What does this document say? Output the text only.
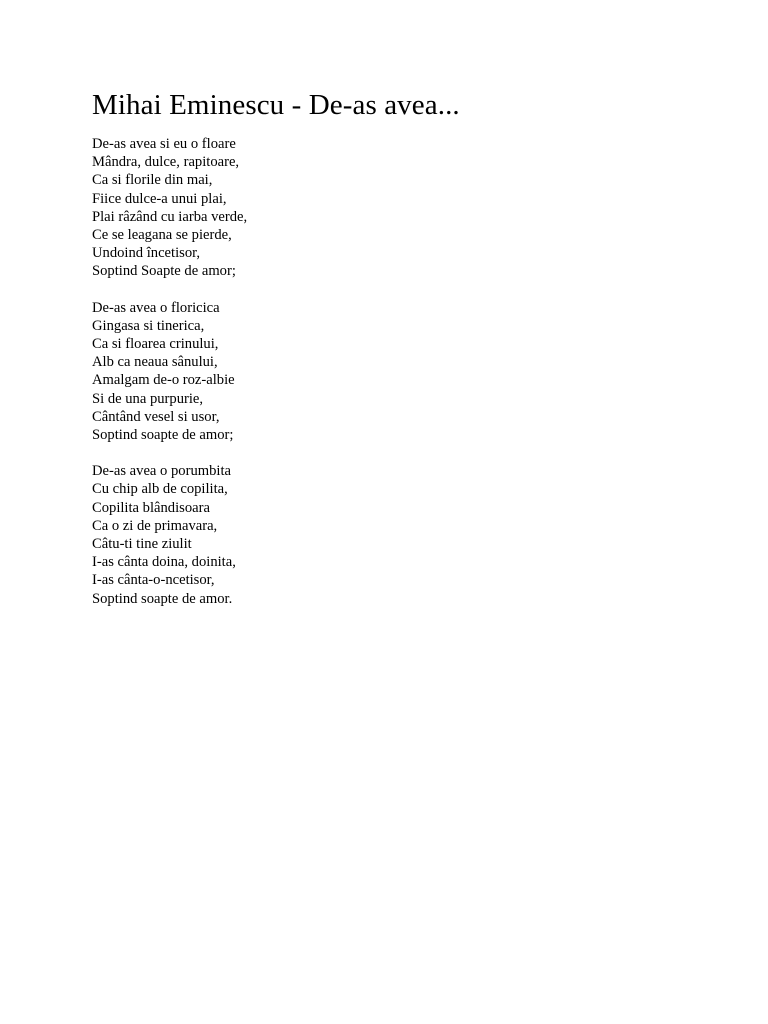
Mihai Eminescu - De-as avea...
De-as avea si eu o floare
Mândra, dulce, rapitoare,
Ca si florile din mai,
Fiice dulce-a unui plai,
Plai râzând cu iarba verde,
Ce se leagana se pierde,
Undoind încetisor,
Soptind Soapte de amor;
De-as avea o floricica
Gingasa si tinerica,
Ca si floarea crinului,
Alb ca neaua sânului,
Amalgam de-o roz-albie
Si de una purpurie,
Cântând vesel si usor,
Soptind soapte de amor;
De-as avea o porumbita
Cu chip alb de copilita,
Copilita blândisoara
Ca o zi de primavara,
Câtu-ti tine ziulit
I-as cânta doina, doinita,
I-as cânta-o-ncetisor,
Soptind soapte de amor.
